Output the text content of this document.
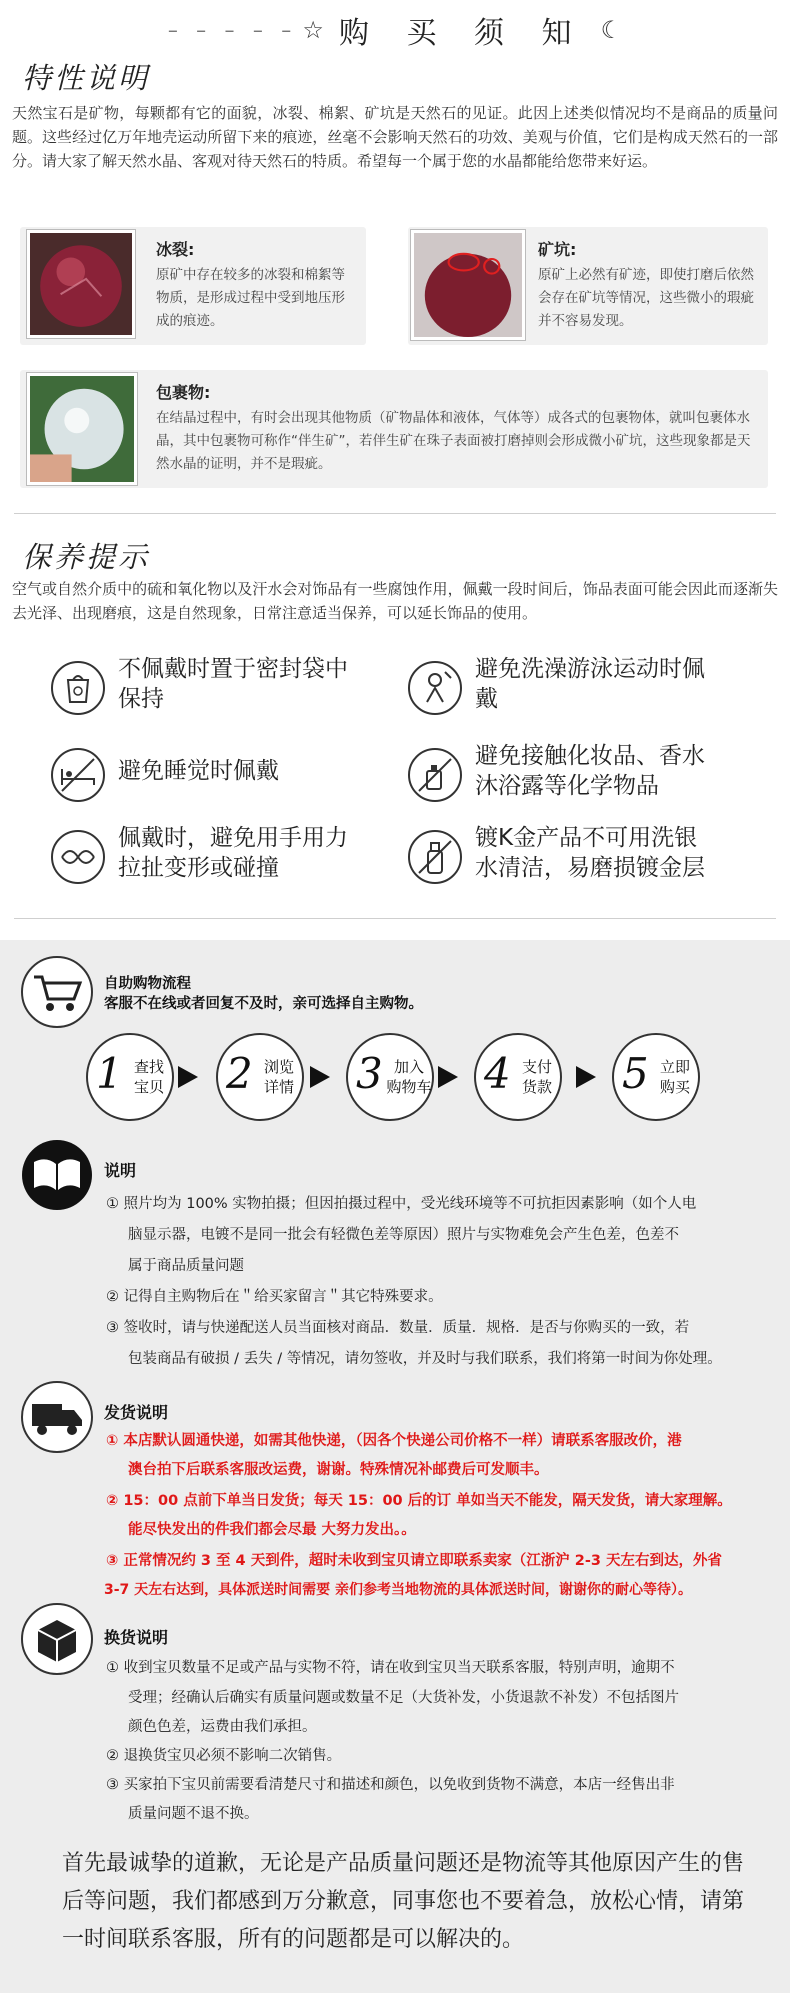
– – – – – ☆ 购 买 须 知 ☾
特性说明
天然宝石是矿物，每颗都有它的面貌，冰裂、棉絮、矿坑是天然石的见证。此因上述类似情况均不是商品的质量问题。这些经过亿万年地壳运动所留下来的痕迹，丝毫不会影响天然石的功效、美观与价值，它们是构成天然石的一部分。请大家了解天然水晶、客观对待天然石的特质。希望每一个属于您的水晶都能给您带来好运。
冰裂:
原矿中存在较多的冰裂和棉絮等物质，是形成过程中受到地压形成的痕迹。
矿坑:
原矿上必然有矿迹，即使打磨后依然会存在矿坑等情况，这些微小的瑕疵并不容易发现。
包裹物:
在结晶过程中，有时会出现其他物质（矿物晶体和液体，气体等）成各式的包裹物体，就叫包裹体水晶，其中包裹物可称作“伴生矿”，若伴生矿在珠子表面被打磨掉则会形成微小矿坑，这些现象都是天然水晶的证明，并不是瑕疵。
保养提示
空气或自然介质中的硫和氧化物以及汗水会对饰品有一些腐蚀作用，佩戴一段时间后，饰品表面可能会因此而逐渐失去光泽、出现磨痕，这是自然现象，日常注意适当保养，可以延长饰品的使用。
不佩戴时置于密封袋中
保持
避免洗澡游泳运动时佩
戴
避免睡觉时佩戴
避免接触化妆品、香水
沐浴露等化学物品
佩戴时，避免用手用力
拉扯变形或碰撞
镀K金产品不可用洗银
水清洁，易磨损镀金层
自助购物流程
客服不在线或者回复不及时，亲可选择自主购物。
1 查找
宝贝 2 浏览
详情 3 加入
购物车 4 支付
货款 5 立即
购买
说明
① 照片均为 100% 实物拍摄；但因拍摄过程中，受光线环境等不可抗拒因素影响（如个人电
脑显示器，电镀不是同一批会有轻微色差等原因）照片与实物难免会产生色差，色差不
属于商品质量问题
② 记得自主购物后在＂给买家留言＂其它特殊要求。
③ 签收时，请与快递配送人员当面核对商品．数量．质量．规格．是否与你购买的一致，若
包装商品有破损 / 丢失 / 等情况，请勿签收，并及时与我们联系，我们将第一时间为你处理。
发货说明
① 本店默认圆通快递，如需其他快递，（因各个快递公司价格不一样）请联系客服改价，港
澳台拍下后联系客服改运费，谢谢。特殊情况补邮费后可发顺丰。
② 15：00 点前下单当日发货；每天 15：00 后的订 单如当天不能发，隔天发货，请大家理解。
能尽快发出的件我们都会尽最 大努力发出。。
③ 正常情况约 3 至 4 天到件，超时未收到宝贝请立即联系卖家（江浙沪 2-3 天左右到达，外省
3-7 天左右达到，具体派送时间需要 亲们参考当地物流的具体派送时间，谢谢你的耐心等待）。
换货说明
① 收到宝贝数量不足或产品与实物不符，请在收到宝贝当天联系客服，特别声明，逾期不
受理；经确认后确实有质量问题或数量不足（大货补发，小货退款不补发）不包括图片
颜色色差，运费由我们承担。
② 退换货宝贝必须不影响二次销售。
③ 买家拍下宝贝前需要看清楚尺寸和描述和颜色，以免收到货物不满意，本店一经售出非
质量问题不退不换。
首先最诚挚的道歉，无论是产品质量问题还是物流等其他原因产生的售
后等问题，我们都感到万分歉意，同事您也不要着急，放松心情，请第
一时间联系客服，所有的问题都是可以解决的。
